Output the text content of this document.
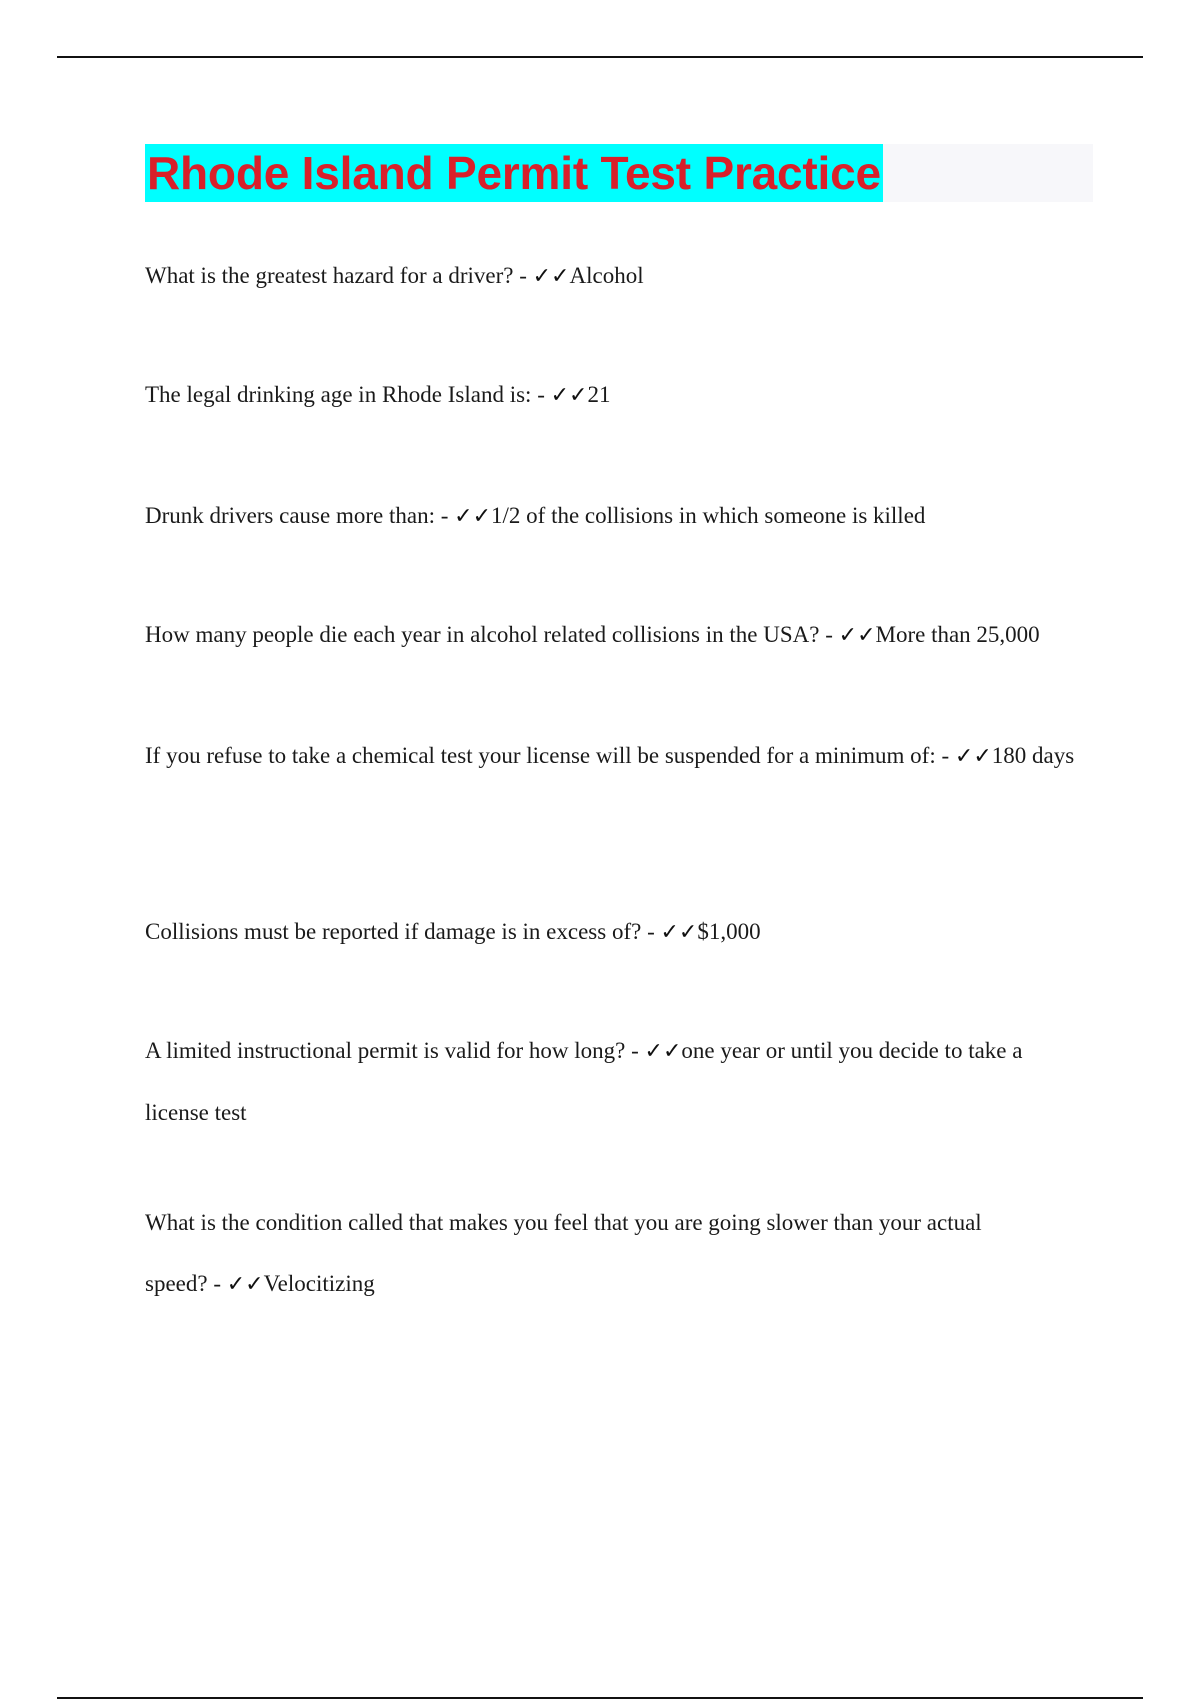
Rhode Island Permit Test Practice

What is the greatest hazard for a driver? - ✓✓Alcohol

The legal drinking age in Rhode Island is: - ✓✓21

Drunk drivers cause more than: - ✓✓1/2 of the collisions in which someone is killed

How many people die each year in alcohol related collisions in the USA? - ✓✓More than 25,000

If you refuse to take a chemical test your license will be suspended for a minimum of: - ✓✓180 days

Collisions must be reported if damage is in excess of? - ✓✓$1,000

A limited instructional permit is valid for how long? - ✓✓one year or until you decide to take a license test

What is the condition called that makes you feel that you are going slower than your actual speed? - ✓✓Velocitizing
